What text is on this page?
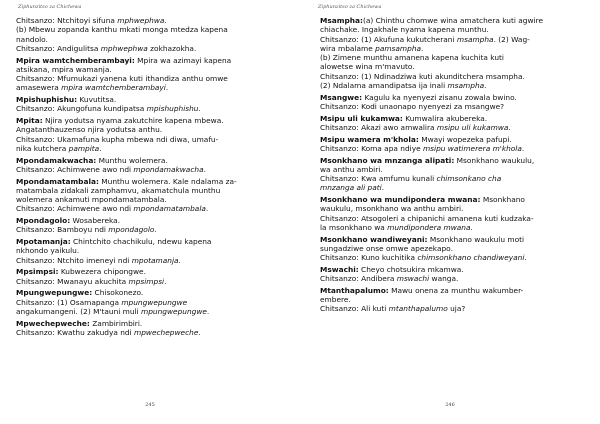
Ziphunzitso za Chichewa
Chitsanzo: Ntchitoyi sifuna mphwephwa.
(b) Mbewu zopanda kanthu mkati monga mtedza kapena
nandolo.
Chitsanzo: Andigulitsa mphwephwa zokhazokha.
Mpira wamtchemberambayi: Mpira wa azimayi kapena
atsikana, mpira wamanja.
Chitsanzo: Mfumukazi yanena kuti ithandiza anthu omwe
amasewera mpira wamtchemberambayi.
Mpishuphishu: Kuvutitsa.
Chitsanzo: Akungofuna kundipatsa mpishuphishu.
Mpita: Njira yodutsa nyama zakutchire kapena mbewa.
Angatanthauzenso njira yodutsa anthu.
Chitsanzo: Ukamafuna kupha mbewa ndi diwa, umafu-
nika kutchera pampita.
Mpondamakwacha: Munthu wolemera.
Chitsanzo: Achimwene awo ndi mpondamakwacha.
Mpondamatambala: Munthu wolemera. Kale ndalama za-
matambala zidakali zamphamvu, akamatchula munthu
wolemera ankamuti mpondamatambala.
Chitsanzo: Achimwene awo ndi mpondamatambala.
Mpondagolo: Wosabereka.
Chitsanzo: Bamboyu ndi mpondagolo.
Mpotamanja: Chintchito chachikulu, ndewu kapena
nkhondo yaikulu.
Chitsanzo: Ntchito imeneyi ndi mpotamanja.
Mpsimpsi: Kubwezera chipongwe.
Chitsanzo: Mwanayu akuchita mpsimpsi.
Mpungwepungwe: Chisokonezo.
Chitsanzo: (1) Osamapanga mpungwepungwe
angakumangeni. (2) M'tauni muli mpungwepungwe.
Mpwechepweche: Zambirimbiri.
Chitsanzo: Kwathu zakudya ndi mpwechepweche.
245
Ziphunzitso za Chichewa
Msampha:(a) Chinthu chomwe wina amatchera kuti agwire
chiachake. Ingakhale nyama kapena munthu.
Chitsanzo: (1) Akufuna kukutcherani msampha. (2) Wag-
wira mbalame pamsampha.
(b) Zimene munthu amanena kapena kuchita kuti
alowetse wina m'mavuto.
Chitsanzo: (1) Ndinadziwa kuti akunditchera msampha.
(2) Ndalama amandipatsa ija inali msampha.
Msangwe: Kagulu ka nyenyezi zisanu zowala bwino.
Chitsanzo: Kodi unaonapo nyenyezi za msangwe?
Msipu uli kukamwa: Kumwalira akubereka.
Chitsanzo: Akazi awo amwalira msipu uli kukamwa.
Msipu wamera m'khola: Mwayi wopezeka pafupi.
Chitsanzo: Koma apa ndiye msipu watimerera m'khola.
Msonkhano wa mnzanga alipati: Msonkhano waukulu,
wa anthu ambiri.
Chitsanzo: Kwa amfumu kunali chimsonkano cha
mnzanga ali pati.
Msonkhano wa mundipondera mwana: Msonkhano
waukulu, msonkhano wa anthu ambiri.
Chitsanzo: Atsogoleri a chipanichi amanena kuti kudzaka-
la msonkhano wa mundipondera mwana.
Msonkhano wandiweyani: Msonkhano waukulu moti
sungadziwe onse omwe apezekapo.
Chitsanzo: Kuno kuchitika chimsonkhano chandiweyani.
Mswachi: Cheyo chotsukira mkamwa.
Chitsanzo: Andibera mswachi wanga.
Mtanthapalumo: Mawu onena za munthu wakumber-
embere.
Chitsanzo: Ali kuti mtanthapalumo uja?
246
